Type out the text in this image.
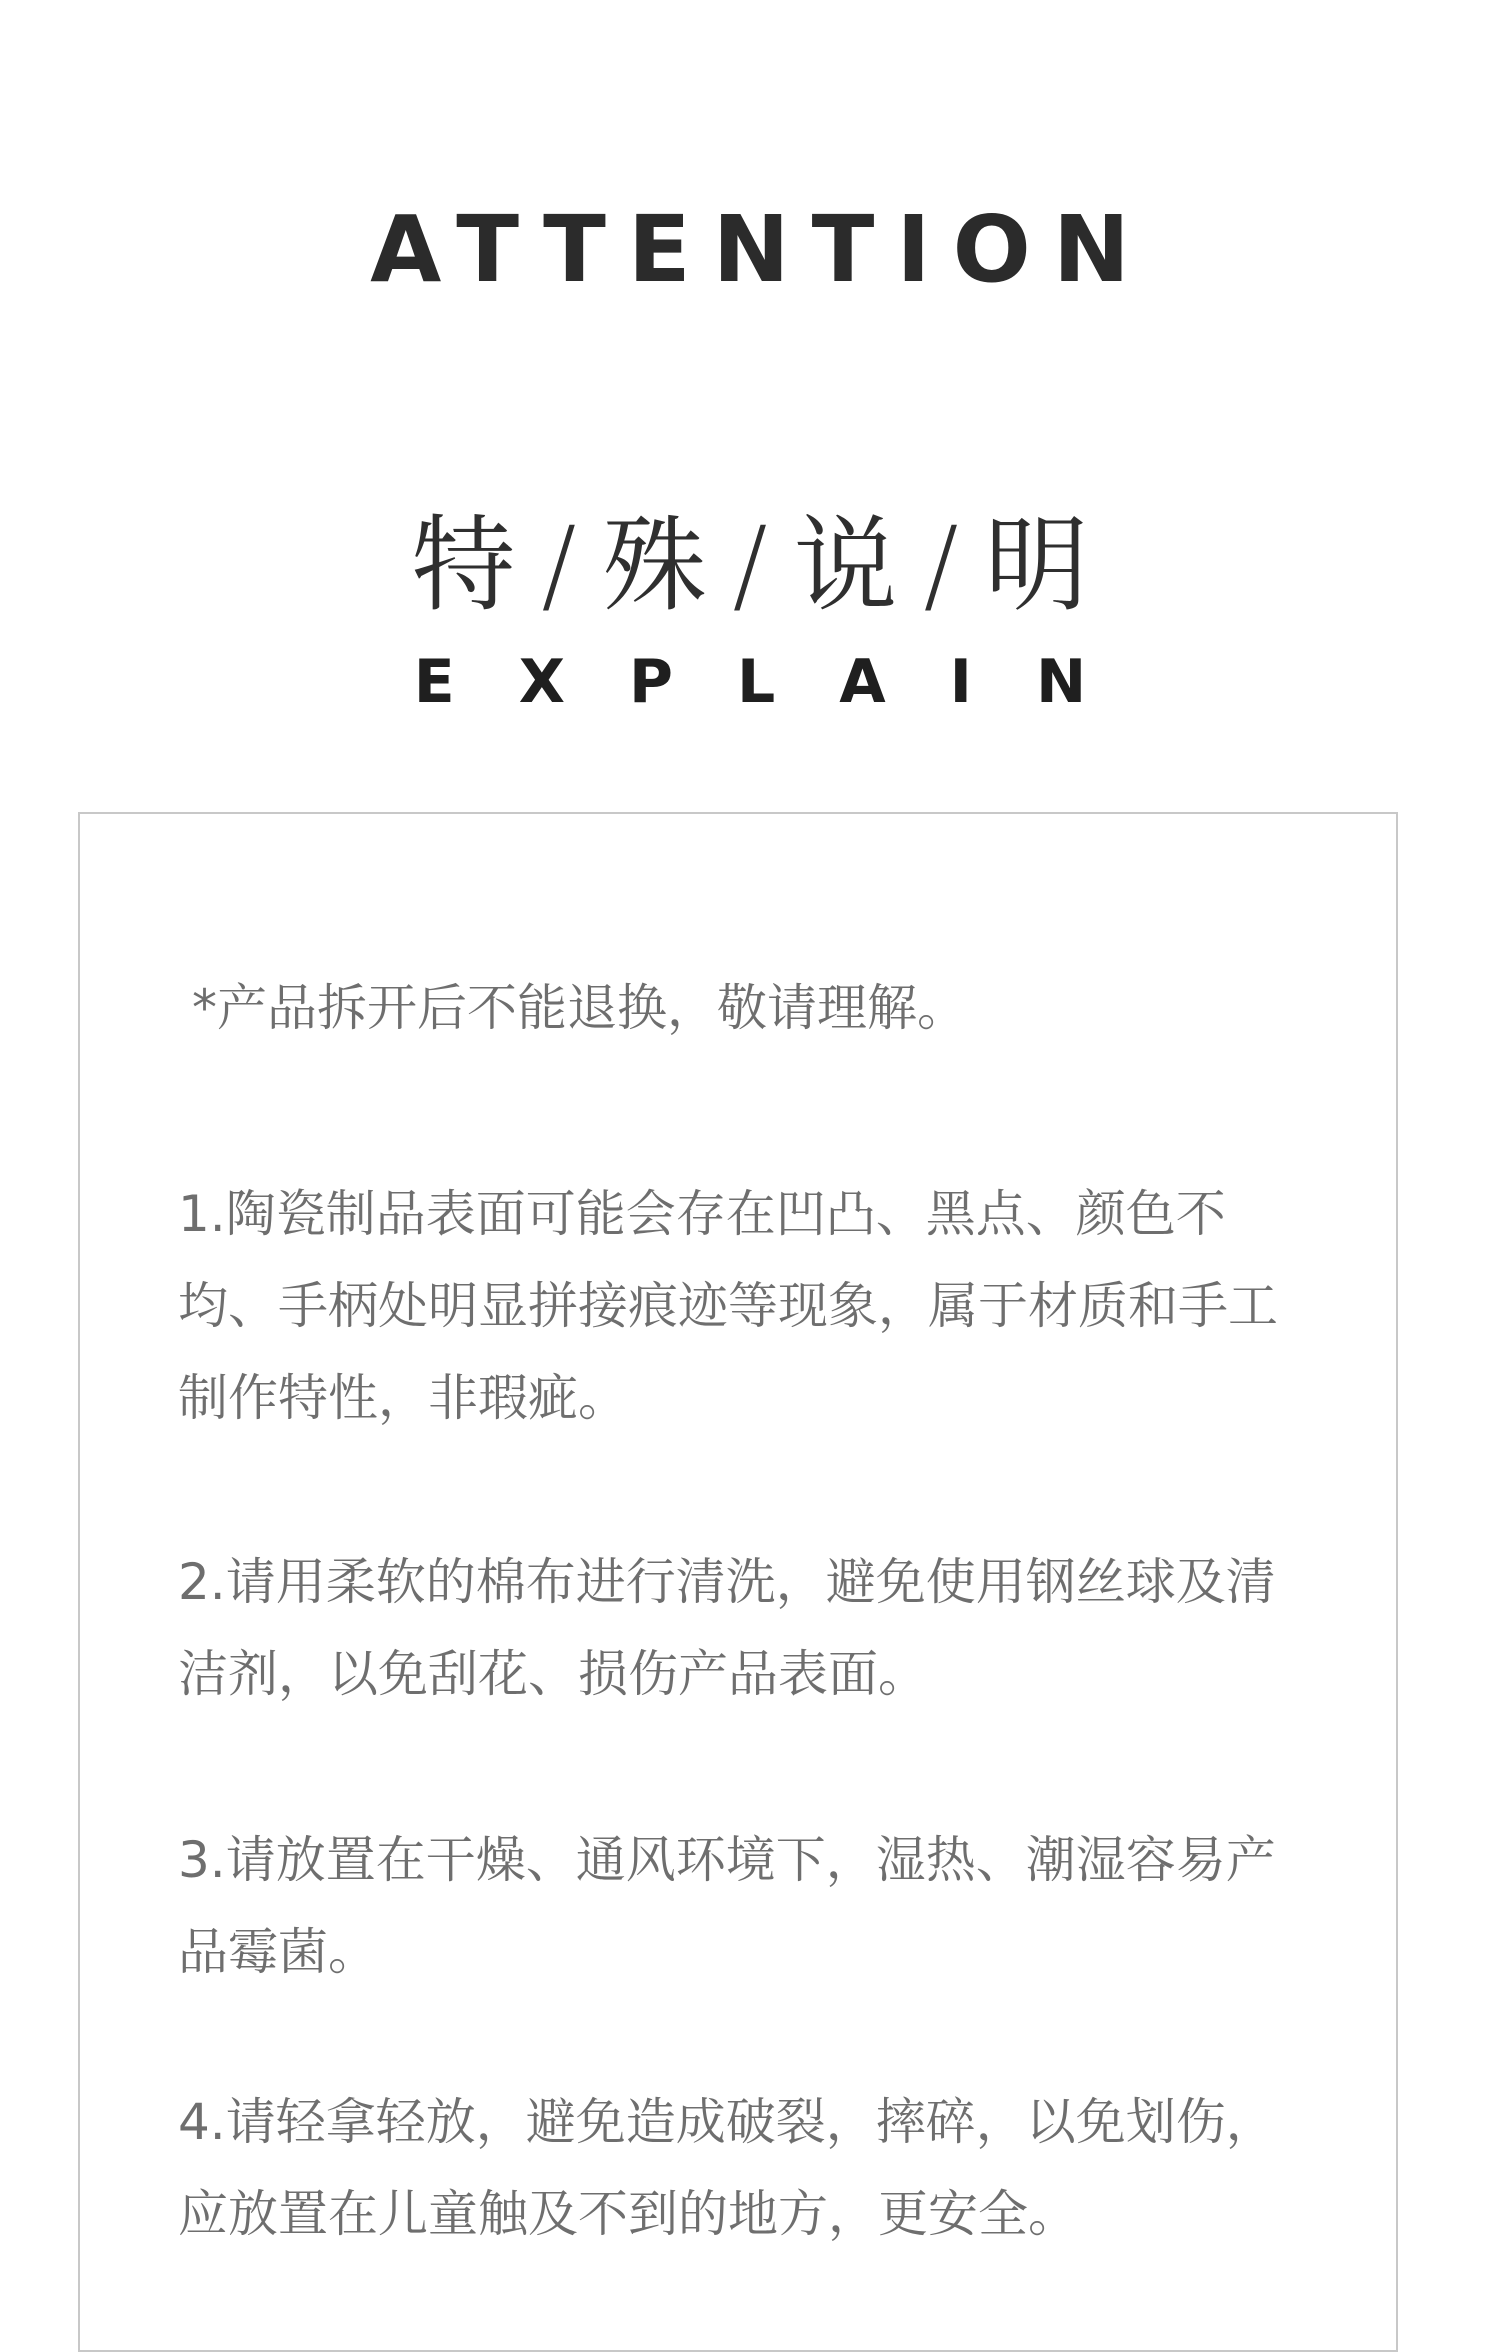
ATTENTION
特 / 殊 / 说 / 明
EXPLAIN

*产品拆开后不能退换，敬请理解。

1.陶瓷制品表面可能会存在凹凸、黑点、颜色不均、手柄处明显拼接痕迹等现象，属于材质和手工制作特性，非瑕疵。

2.请用柔软的棉布进行清洗，避免使用钢丝球及清洁剂，以免刮花、损伤产品表面。

3.请放置在干燥、通风环境下，湿热、潮湿容易产品霉菌。

4.请轻拿轻放，避免造成破裂，摔碎，以免划伤，应放置在儿童触及不到的地方，更安全。
